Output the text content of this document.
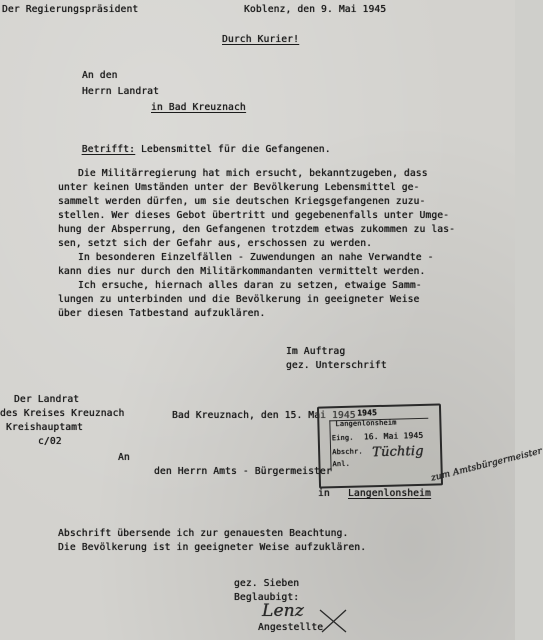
Der Regierungspräsident	Koblenz, den 9. Mai 1945
Durch Kurier!
An den
Herrn Landrat
in Bad Kreuznach

Betrifft: Lebensmittel für die Gefangenen.

Die Militärregierung hat mich ersucht, bekanntzugeben, dass
unter keinen Umständen unter der Bevölkerung Lebensmittel ge-
sammelt werden dürfen, um sie deutschen Kriegsgefangenen zuzu-
stellen. Wer dieses Gebot übertritt und gegebenenfalls unter Umge-
hung der Absperrung, den Gefangenen trotzdem etwas zukommen zu las-
sen, setzt sich der Gefahr aus, erschossen zu werden.
In besonderen Einzelfällen - Zuwendungen an nahe Verwandte -
kann dies nur durch den Militärkommandanten vermittelt werden.
Ich ersuche, hiernach alles daran zu setzen, etwaige Samm-
lungen zu unterbinden und die Bevölkerung in geeigneter Weise
über diesen Tatbestand aufzuklären.
Im Auftrag
gez. Unterschrift
Der Landrat
des Kreises Kreuznach
Kreishauptamt
c/02
Bad Kreuznach, den 15. Mai 1945 1945
Langenlonsheim
Eing. 16. Mai 1945
Abschr.
Anl.
Tüchtig zum Amtsbürgermeister
An
den Herrn Amts - Bürgermeister
in Langenlonsheim
Abschrift übersende ich zur genauesten Beachtung.
Die Bevölkerung ist in geeigneter Weise aufzuklären.
gez. Sieben
Beglaubigt:
Lenz
Angestellte
